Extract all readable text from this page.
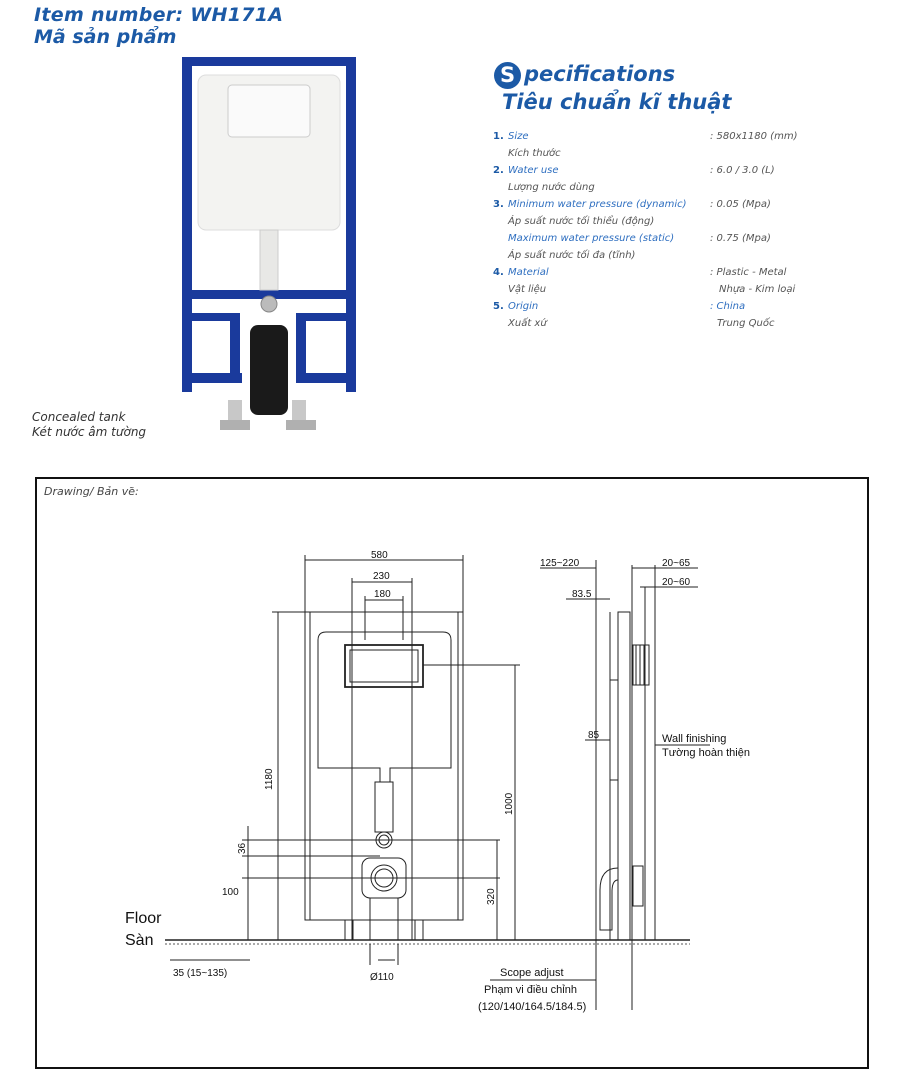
Item number: WH171A
Mã sản phẩm
Concealed tank
Két nước âm tường
S pecifications
Tiêu chuẩn kĩ thuật
1. Size	: 580x1180 (mm)
Kích thước
2. Water use	: 6.0 / 3.0 (L)
Lượng nước dùng
3. Minimum water pressure (dynamic) : 0.05 (Mpa)
Áp suất nước tối thiểu (động)
Maximum water pressure (static)	: 0.75 (Mpa)
Áp suất nước tối đa (tĩnh)
4. Material	: Plastic - Metal
Vật liệu	Nhựa - Kim loại
5. Origin	: China
Xuất xứ	Trung Quốc
Drawing/ Bản vẽ:
580
230
180
1180
1000
36
100	320
Ø110
35 (15~135)
125~220	20~65
20~60
83.5
85
Floor
Sàn
Wall finishing
Tường hoàn thiện
Scope adjust
Phạm vi điều chỉnh
(120/140/164.5/184.5)
